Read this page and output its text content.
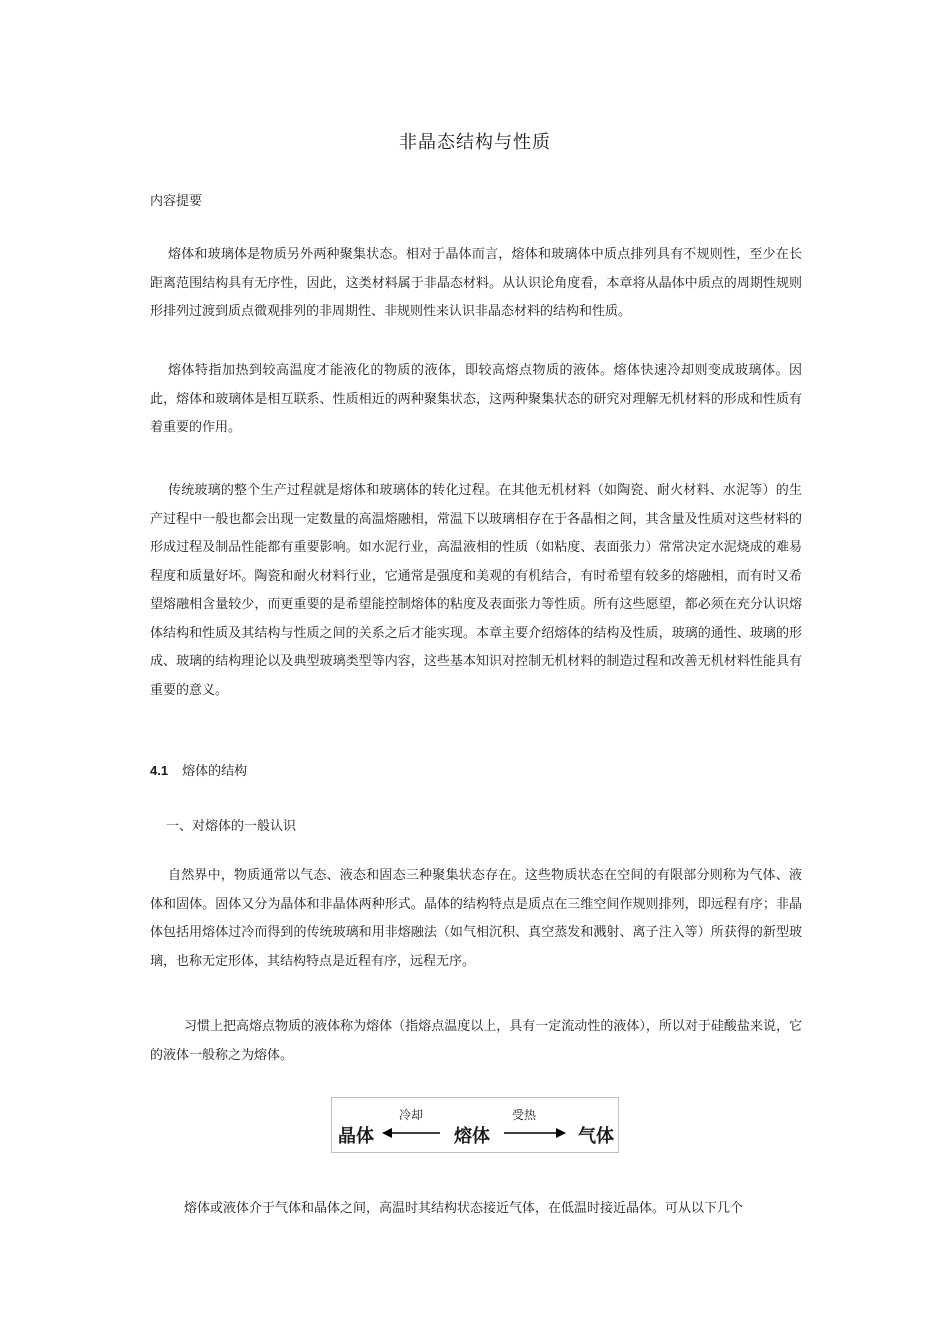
非晶态结构与性质
内容提要

熔体和玻璃体是物质另外两种聚集状态。相对于晶体而言，熔体和玻璃体中质点排列具有不规则性，至少在长距离范围结构具有无序性，因此，这类材料属于非晶态材料。从认识论角度看，本章将从晶体中质点的周期性规则形排列过渡到质点微观排列的非周期性、非规则性来认识非晶态材料的结构和性质。

熔体特指加热到较高温度才能液化的物质的液体，即较高熔点物质的液体。熔体快速冷却则变成玻璃体。因此，熔体和玻璃体是相互联系、性质相近的两种聚集状态，这两种聚集状态的研究对理解无机材料的形成和性质有着重要的作用。

传统玻璃的整个生产过程就是熔体和玻璃体的转化过程。在其他无机材料（如陶瓷、耐火材料、水泥等）的生产过程中一般也都会出现一定数量的高温熔融相，常温下以玻璃相存在于各晶相之间，其含量及性质对这些材料的形成过程及制品性能都有重要影响。如水泥行业，高温液相的性质（如粘度、表面张力）常常决定水泥烧成的难易程度和质量好坏。陶瓷和耐火材料行业，它通常是强度和美观的有机结合，有时希望有较多的熔融相，而有时又希望熔融相含量较少，而更重要的是希望能控制熔体的粘度及表面张力等性质。所有这些愿望，都必须在充分认识熔体结构和性质及其结构与性质之间的关系之后才能实现。本章主要介绍熔体的结构及性质，玻璃的通性、玻璃的形成、玻璃的结构理论以及典型玻璃类型等内容，这些基本知识对控制无机材料的制造过程和改善无机材料性能具有重要的意义。

4.1 熔体的结构
一、对熔体的一般认识

自然界中，物质通常以气态、液态和固态三种聚集状态存在。这些物质状态在空间的有限部分则称为气体、液体和固体。固体又分为晶体和非晶体两种形式。晶体的结构特点是质点在三维空间作规则排列，即远程有序；非晶体包括用熔体过冷而得到的传统玻璃和用非熔融法（如气相沉积、真空蒸发和溅射、离子注入等）所获得的新型玻璃，也称无定形体，其结构特点是近程有序，远程无序。

习惯上把高熔点物质的液体称为熔体（指熔点温度以上，具有一定流动性的液体），所以对于硅酸盐来说，它的液体一般称之为熔体。

晶体
冷却
熔体
受热
气体

熔体或液体介于气体和晶体之间，高温时其结构状态接近气体，在低温时接近晶体。可从以下几个
